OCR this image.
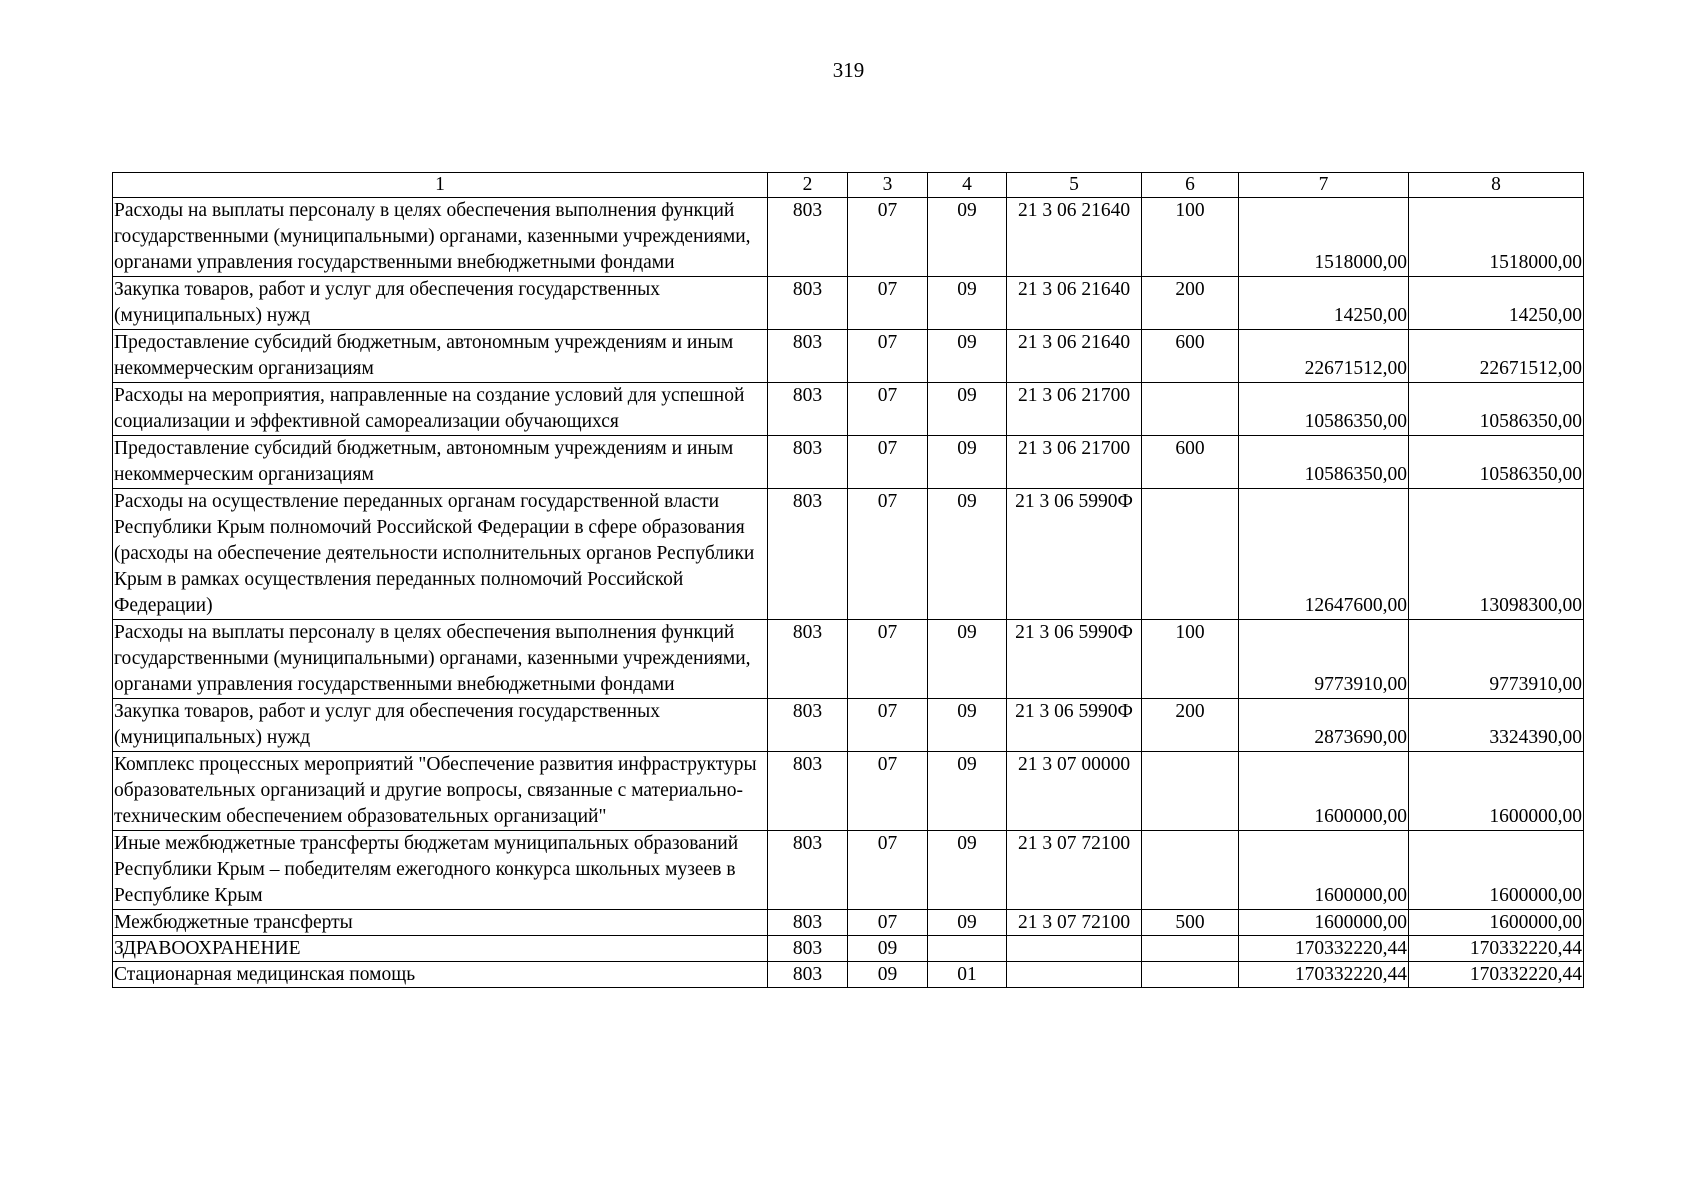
319
1	2	3	4	5	6	7	8
Расходы на выплаты персоналу в целях обеспечения выполнения функций государственными (муниципальными) органами, казенными учреждениями, органами управления государственными внебюджетными фондами	803	07	09	21 3 06 21640	100	1518000,00	1518000,00
Закупка товаров, работ и услуг для обеспечения государственных (муниципальных) нужд	803	07	09	21 3 06 21640	200	14250,00	14250,00
Предоставление субсидий бюджетным, автономным учреждениям и иным некоммерческим организациям	803	07	09	21 3 06 21640	600	22671512,00	22671512,00
Расходы на мероприятия, направленные на создание условий для успешной социализации и эффективной самореализации обучающихся	803	07	09	21 3 06 21700		10586350,00	10586350,00
Предоставление субсидий бюджетным, автономным учреждениям и иным некоммерческим организациям	803	07	09	21 3 06 21700	600	10586350,00	10586350,00
Расходы на осуществление переданных органам государственной власти Республики Крым полномочий Российской Федерации в сфере образования (расходы на обеспечение деятельности исполнительных органов Республики Крым в рамках осуществления переданных полномочий Российской Федерации)	803	07	09	21 3 06 5990Ф		12647600,00	13098300,00
Расходы на выплаты персоналу в целях обеспечения выполнения функций государственными (муниципальными) органами, казенными учреждениями, органами управления государственными внебюджетными фондами	803	07	09	21 3 06 5990Ф	100	9773910,00	9773910,00
Закупка товаров, работ и услуг для обеспечения государственных (муниципальных) нужд	803	07	09	21 3 06 5990Ф	200	2873690,00	3324390,00
Комплекс процессных мероприятий "Обеспечение развития инфраструктуры образовательных организаций и другие вопросы, связанные с материально-техническим обеспечением образовательных организаций"	803	07	09	21 3 07 00000		1600000,00	1600000,00
Иные межбюджетные трансферты бюджетам муниципальных образований Республики Крым – победителям ежегодного конкурса школьных музеев в Республике Крым	803	07	09	21 3 07 72100		1600000,00	1600000,00
Межбюджетные трансферты	803	07	09	21 3 07 72100	500	1600000,00	1600000,00
ЗДРАВООХРАНЕНИЕ	803	09				170332220,44	170332220,44
Стационарная медицинская помощь	803	09	01			170332220,44	170332220,44
